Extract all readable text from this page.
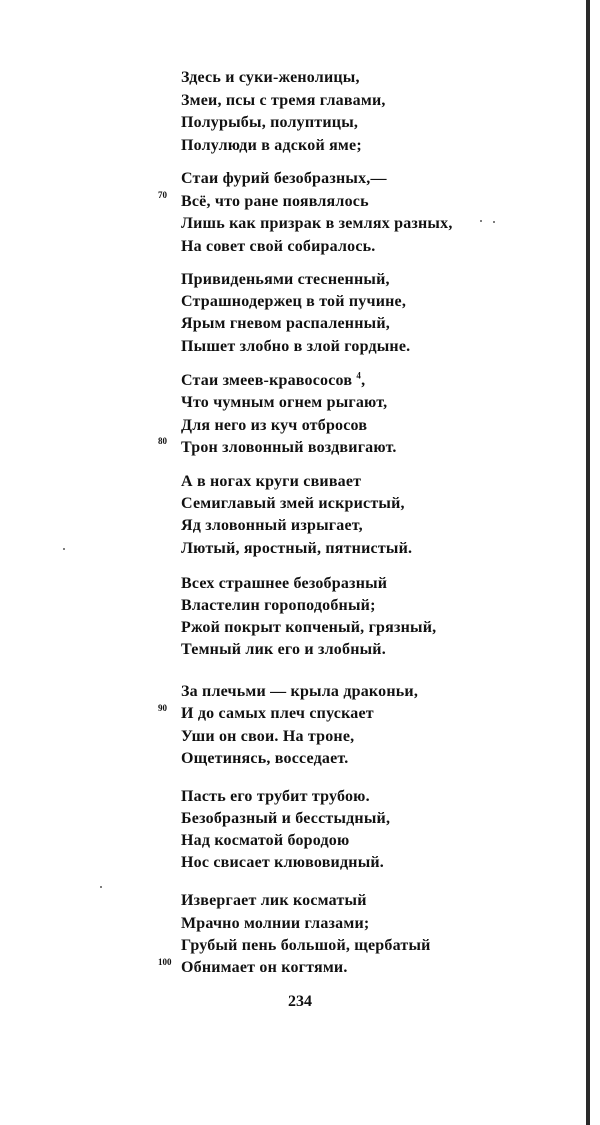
Здесь и суки-женолицы,
Змеи, псы с тремя главами,
Полурыбы, полуптицы,
Полулюди в адской яме;
Стаи фурий безобразных,—
70 Всё, что ране появлялось
Лишь как призрак в землях разных,
На совет свой собиралось.
Привиденьями стесненный,
Страшнодержец в той пучине,
Ярым гневом распаленный,
Пышет злобно в злой гордыне.
Стаи змеев-кравососов $^4$,
Что чумным огнем рыгают,
Для него из куч отбросов
80 Трон зловонный воздвигают.
А в ногах круги свивает
Семиглавый змей искристый,
Яд зловонный изрыгает,
Лютый, яростный, пятнистый.
Всех страшнее безобразный
Властелин гороподобный;
Ржой покрыт копченый, грязный,
Темный лик его и злобный.
За плечьми — крыла драконьи,
90 И до самых плеч спускает
Уши он свои. На троне,
Ощетинясь, восседает.
Пасть его трубит трубою.
Безобразный и бесстыдный,
Над косматой бородою
Нос свисает клювовидный.
Извергает лик косматый
Мрачно молнии глазами;
Грубый пень большой, щербатый
100 Обнимает он когтями.
234
